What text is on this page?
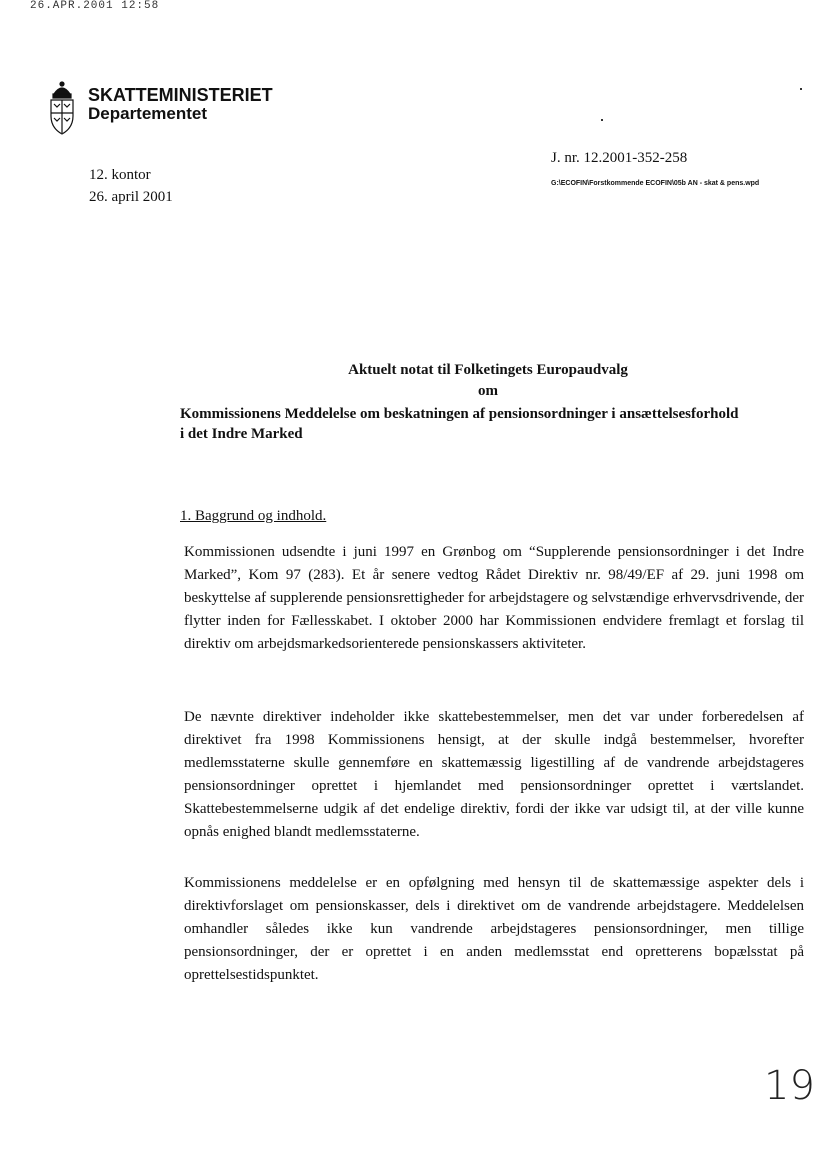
26.APR.2001 12:58
SKATTEMINISTERIET
Departementet
12. kontor
26. april 2001
J. nr. 12.2001-352-258
G:\ECOFIN\Forstkommende ECOFIN\05b AN - skat & pens.wpd
Aktuelt notat til Folketingets Europaudvalg
om
Kommissionens Meddelelse om beskatningen af pensionsordninger i ansættelsesforhold
i det Indre Marked
1. Baggrund og indhold.
Kommissionen udsendte i juni 1997 en Grønbog om “Supplerende pensionsordninger i det Indre Marked”, Kom 97 (283). Et år senere vedtog Rådet Direktiv nr. 98/49/EF af 29. juni 1998 om beskyttelse af supplerende pensionsrettigheder for arbejdstagere og selvstændige erhvervsdrivende, der flytter inden for Fællesskabet. I oktober 2000 har Kommissionen endvidere fremlagt et forslag til direktiv om arbejdsmarkedsorienterede pensionskassers aktiviteter.
De nævnte direktiver indeholder ikke skattebestemmelser, men det var under forberedelsen af direktivet fra 1998 Kommissionens hensigt, at der skulle indgå bestemmelser, hvorefter medlemsstaterne skulle gennemføre en skattemæssig ligestilling af de vandrende arbejdstageres pensionsordninger oprettet i hjemlandet med pensionsordninger oprettet i værtslandet. Skattebestemmelserne udgik af det endelige direktiv, fordi der ikke var udsigt til, at der ville kunne opnås enighed blandt medlemsstaterne.
Kommissionens meddelelse er en opfølgning med hensyn til de skattemæssige aspekter dels i direktivforslaget om pensionskasser, dels i direktivet om de vandrende arbejdstagere. Meddelelsen omhandler således ikke kun vandrende arbejdstageres pensionsordninger, men tillige pensionsordninger, der er oprettet i en anden medlemsstat end opretterens bopælsstat på oprettelsestidspunktet.
19
